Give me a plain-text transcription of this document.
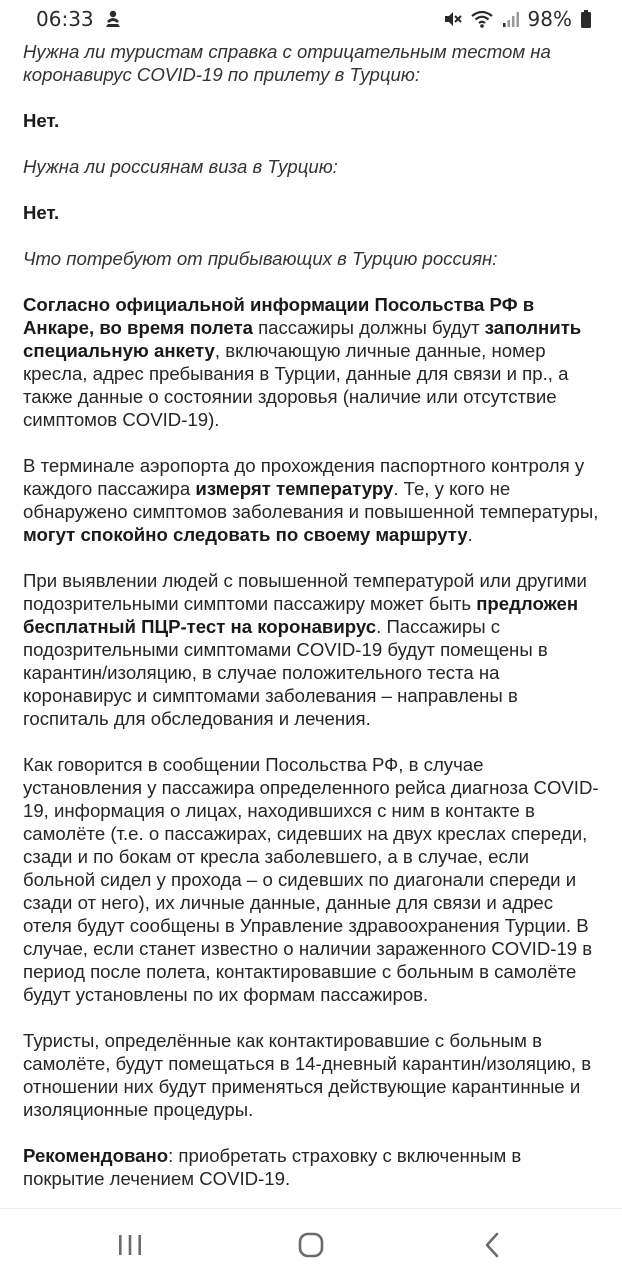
06:33	98%

Нужна ли туристам справка с отрицательным тестом на коронавирус COVID-19 по прилету в Турцию:

Нет.

Нужна ли россиянам виза в Турцию:

Нет.

Что потребуют от прибывающих в Турцию россиян:

Согласно официальной информации Посольства РФ в Анкаре, во время полета пассажиры должны будут заполнить специальную анкету, включающую личные данные, номер кресла, адрес пребывания в Турции, данные для связи и пр., а также данные о состоянии здоровья (наличие или отсутствие симптомов COVID-19).

В терминале аэропорта до прохождения паспортного контроля у каждого пассажира измерят температуру. Те, у кого не обнаружено симптомов заболевания и повышенной температуры, могут спокойно следовать по своему маршруту.

При выявлении людей с повышенной температурой или другими подозрительными симптоми пассажиру может быть предложен бесплатный ПЦР-тест на коронавирус. Пассажиры с подозрительными симптомами COVID-19 будут помещены в карантин/изоляцию, в случае положительного теста на коронавирус и симптомами заболевания – направлены в госпиталь для обследования и лечения.

Как говорится в сообщении Посольства РФ, в случае установления у пассажира определенного рейса диагноза COVID-19, информация о лицах, находившихся с ним в контакте в самолёте (т.е. о пассажирах, сидевших на двух креслах спереди, сзади и по бокам от кресла заболевшего, а в случае, если больной сидел у прохода – о сидевших по диагонали спереди и сзади от него), их личные данные, данные для связи и адрес отеля будут сообщены в Управление здравоохранения Турции. В случае, если станет известно о наличии зараженного COVID-19 в период после полета, контактировавшие с больным в самолёте будут установлены по их формам пассажиров.

Туристы, определённые как контактировавшие с больным в самолёте, будут помещаться в 14-дневный карантин/изоляцию, в отношении них будут применяться действующие карантинные и изоляционные процедуры.

Рекомендовано: приобретать страховку с включенным в покрытие лечением COVID-19.
